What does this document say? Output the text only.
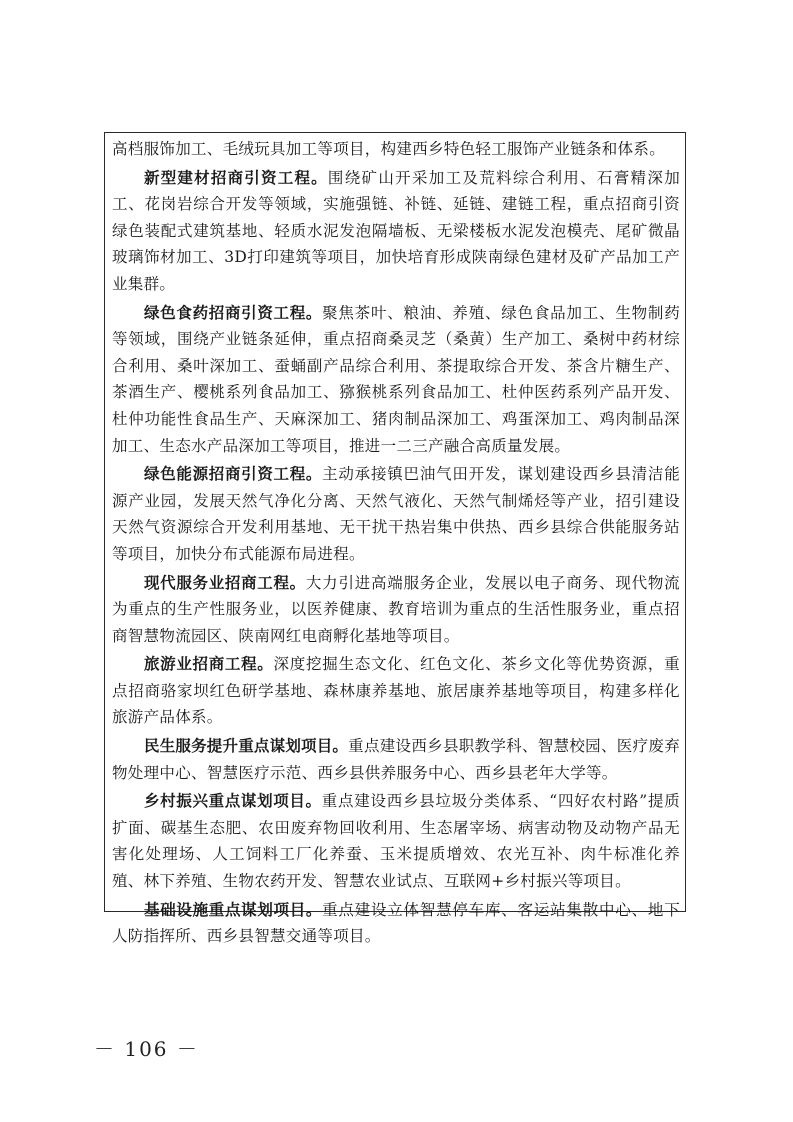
高档服饰加工、毛绒玩具加工等项目，构建西乡特色轻工服饰产业链条和体系。

新型建材招商引资工程。围绕矿山开采加工及荒料综合利用、石膏精深加工、花岗岩综合开发等领域，实施强链、补链、延链、建链工程，重点招商引资绿色装配式建筑基地、轻质水泥发泡隔墙板、无梁楼板水泥发泡模壳、尾矿微晶玻璃饰材加工、3D打印建筑等项目，加快培育形成陕南绿色建材及矿产品加工产业集群。

绿色食药招商引资工程。聚焦茶叶、粮油、养殖、绿色食品加工、生物制药等领域，围绕产业链条延伸，重点招商桑灵芝（桑黄）生产加工、桑树中药材综合利用、桑叶深加工、蚕蛹副产品综合利用、茶提取综合开发、茶含片糖生产、茶酒生产、樱桃系列食品加工、猕猴桃系列食品加工、杜仲医药系列产品开发、杜仲功能性食品生产、天麻深加工、猪肉制品深加工、鸡蛋深加工、鸡肉制品深加工、生态水产品深加工等项目，推进一二三产融合高质量发展。

绿色能源招商引资工程。主动承接镇巴油气田开发，谋划建设西乡县清洁能源产业园，发展天然气净化分离、天然气液化、天然气制烯烃等产业，招引建设天然气资源综合开发利用基地、无干扰干热岩集中供热、西乡县综合供能服务站等项目，加快分布式能源布局进程。

现代服务业招商工程。大力引进高端服务企业，发展以电子商务、现代物流为重点的生产性服务业，以医养健康、教育培训为重点的生活性服务业，重点招商智慧物流园区、陕南网红电商孵化基地等项目。

旅游业招商工程。深度挖掘生态文化、红色文化、茶乡文化等优势资源，重点招商骆家坝红色研学基地、森林康养基地、旅居康养基地等项目，构建多样化旅游产品体系。

民生服务提升重点谋划项目。重点建设西乡县职教学科、智慧校园、医疗废弃物处理中心、智慧医疗示范、西乡县供养服务中心、西乡县老年大学等。

乡村振兴重点谋划项目。重点建设西乡县垃圾分类体系、“四好农村路”提质扩面、碳基生态肥、农田废弃物回收利用、生态屠宰场、病害动物及动物产品无害化处理场、人工饲料工厂化养蚕、玉米提质增效、农光互补、肉牛标准化养殖、林下养殖、生物农药开发、智慧农业试点、互联网+乡村振兴等项目。

基础设施重点谋划项目。重点建设立体智慧停车库、客运站集散中心、地下人防指挥所、西乡县智慧交通等项目。

－ 106 －
